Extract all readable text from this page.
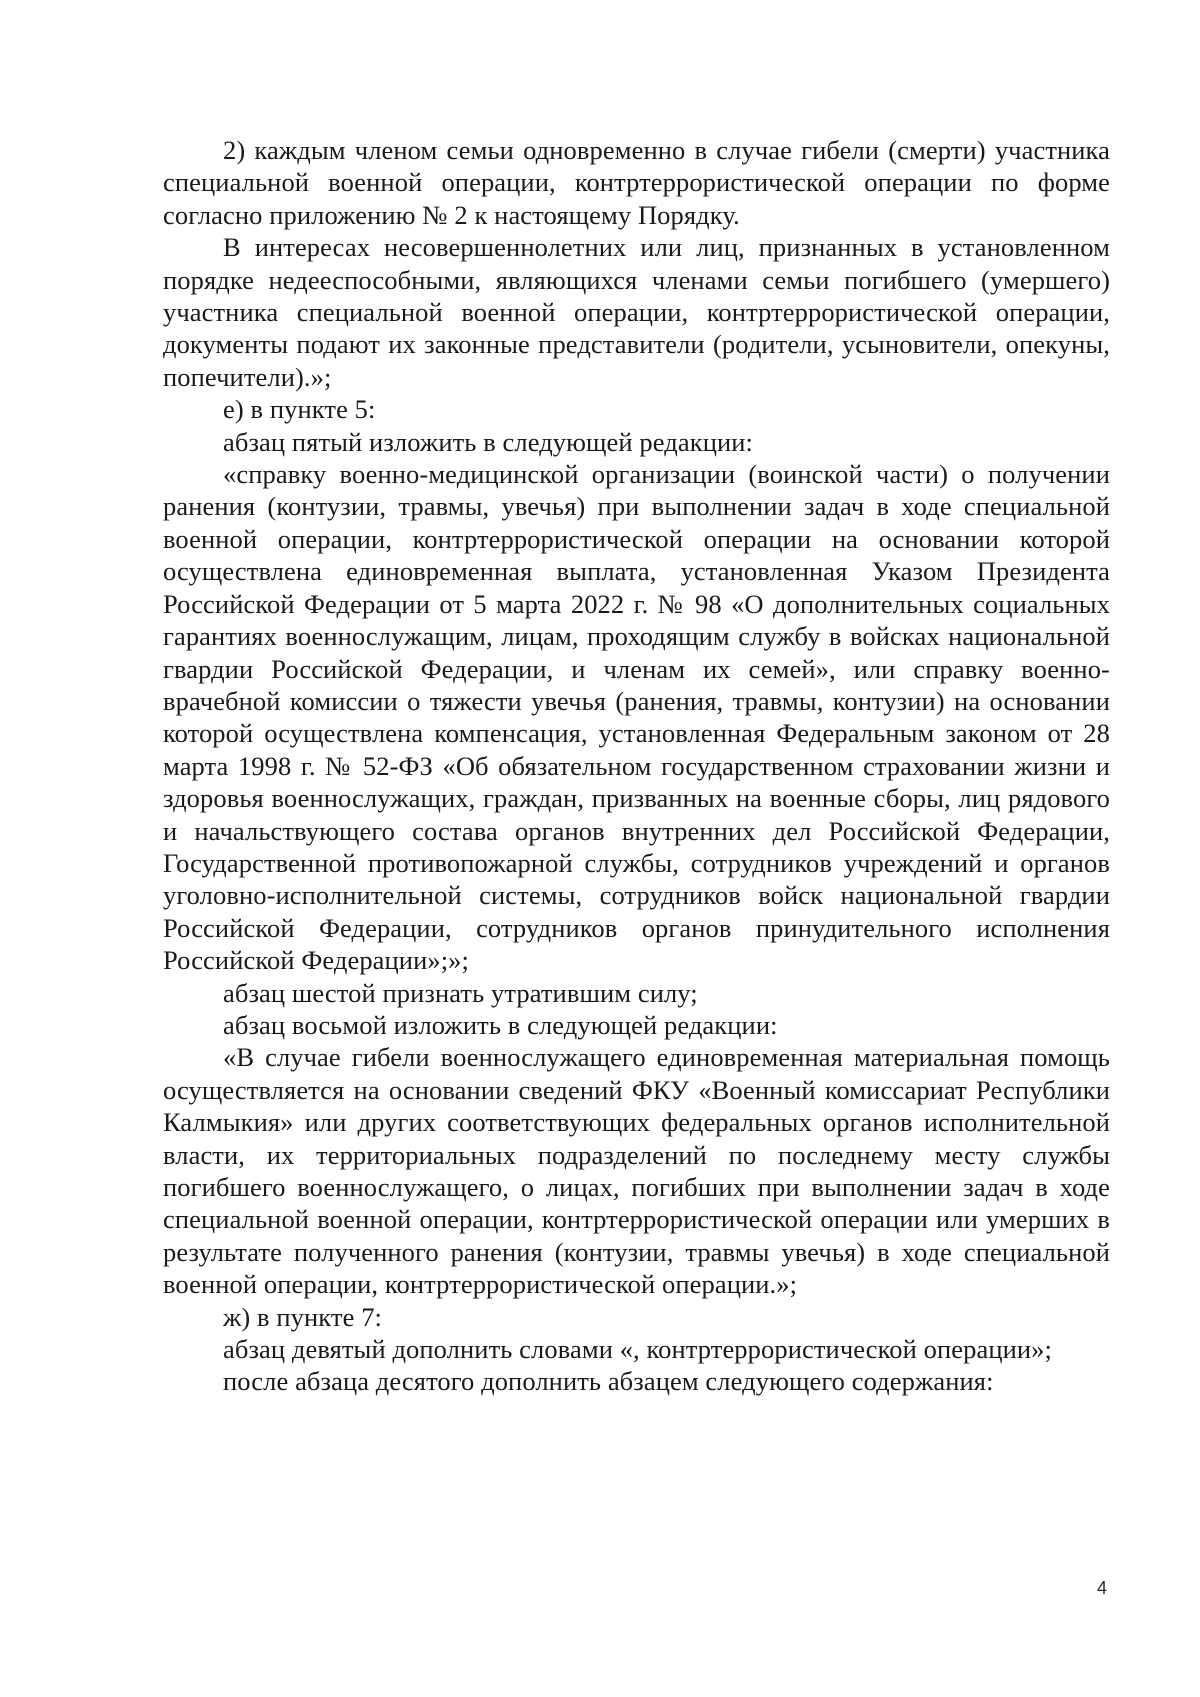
2) каждым членом семьи одновременно в случае гибели (смерти) участника специальной военной операции, контртеррористической операции по форме согласно приложению № 2 к настоящему Порядку.

В интересах несовершеннолетних или лиц, признанных в установленном порядке недееспособными, являющихся членами семьи погибшего (умершего) участника специальной военной операции, контртеррористической операции, документы подают их законные представители (родители, усыновители, опекуны, попечители).»;

е) в пункте 5:

абзац пятый изложить в следующей редакции:

«справку военно-медицинской организации (воинской части) о получении ранения (контузии, травмы, увечья) при выполнении задач в ходе специальной военной операции, контртеррористической операции на основании которой осуществлена единовременная выплата, установленная Указом Президента Российской Федерации от 5 марта 2022 г. № 98 «О дополнительных социальных гарантиях военнослужащим, лицам, проходящим службу в войсках национальной гвардии Российской Федерации, и членам их семей», или справку военно-врачебной комиссии о тяжести увечья (ранения, травмы, контузии) на основании которой осуществлена компенсация, установленная Федеральным законом от 28 марта 1998 г. № 52-ФЗ «Об обязательном государственном страховании жизни и здоровья военнослужащих, граждан, призванных на военные сборы, лиц рядового и начальствующего состава органов внутренних дел Российской Федерации, Государственной противопожарной службы, сотрудников учреждений и органов уголовно-исполнительной системы, сотрудников войск национальной гвардии Российской Федерации, сотрудников органов принудительного исполнения Российской Федерации»;»;

абзац шестой признать утратившим силу;

абзац восьмой изложить в следующей редакции:

«В случае гибели военнослужащего единовременная материальная помощь осуществляется на основании сведений ФКУ «Военный комиссариат Республики Калмыкия» или других соответствующих федеральных органов исполнительной власти, их территориальных подразделений по последнему месту службы погибшего военнослужащего, о лицах, погибших при выполнении задач в ходе специальной военной операции, контртеррористической операции или умерших в результате полученного ранения (контузии, травмы увечья) в ходе специальной военной операции, контртеррористической операции.»;

ж) в пункте 7:

абзац девятый дополнить словами «, контртеррористической операции»;

после абзаца десятого дополнить абзацем следующего содержания:

4
